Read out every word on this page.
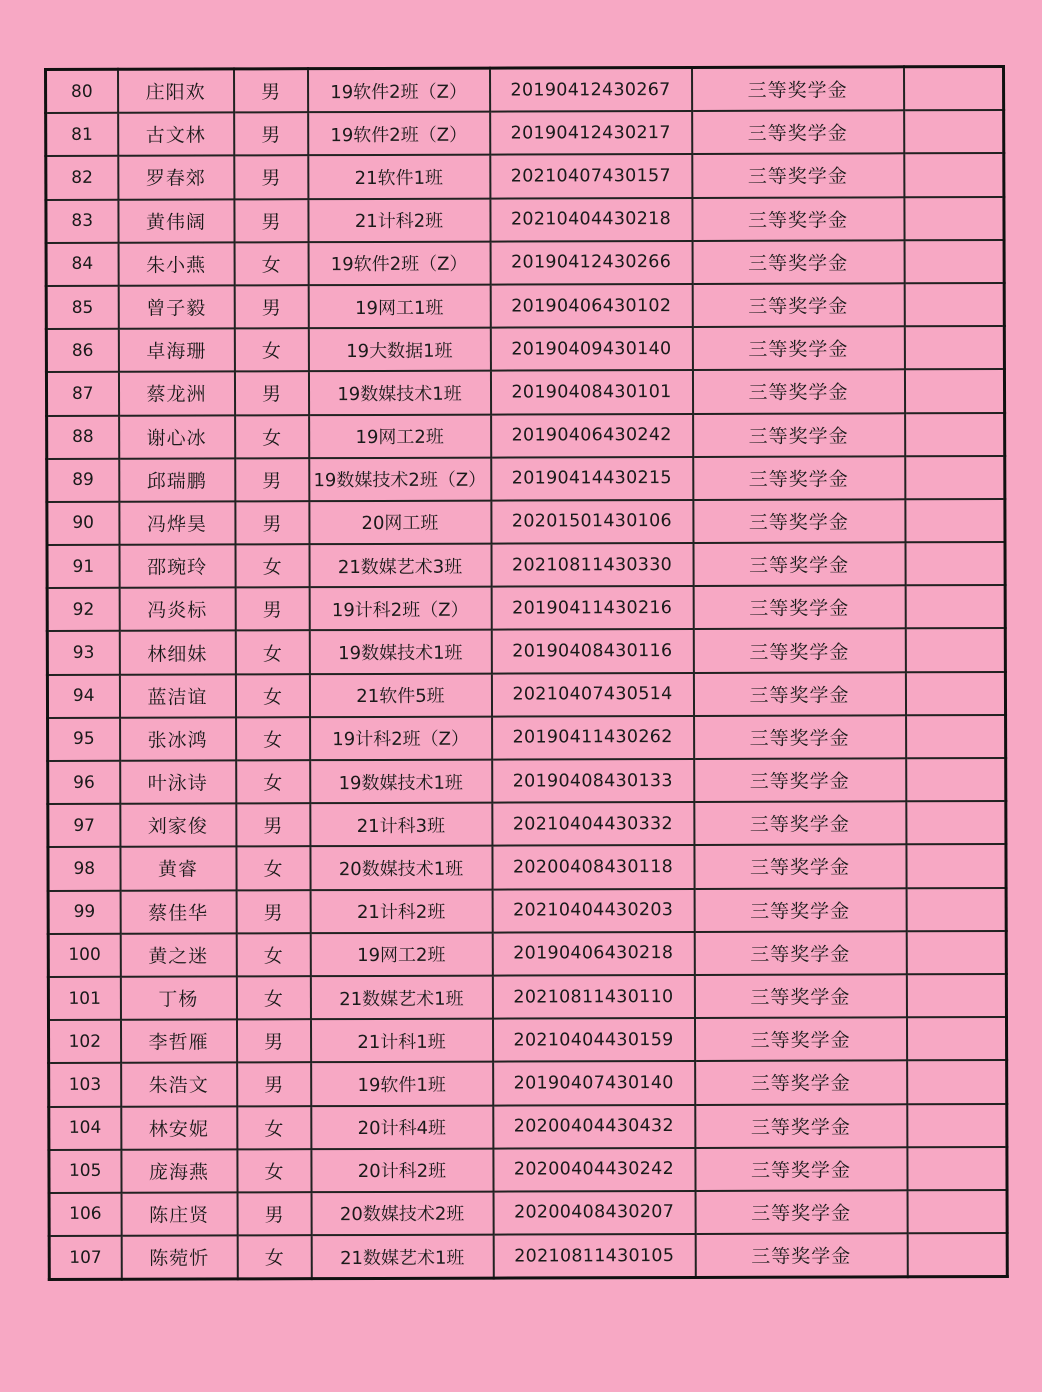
80	庄阳欢	男	19软件2班（Z）	20190412430267	三等奖学金	
81	古文林	男	19软件2班（Z）	20190412430217	三等奖学金	
82	罗春郊	男	21软件1班	20210407430157	三等奖学金	
83	黄伟阔	男	21计科2班	20210404430218	三等奖学金	
84	朱小燕	女	19软件2班（Z）	20190412430266	三等奖学金	
85	曾子毅	男	19网工1班	20190406430102	三等奖学金	
86	卓海珊	女	19大数据1班	20190409430140	三等奖学金	
87	蔡龙洲	男	19数媒技术1班	20190408430101	三等奖学金	
88	谢心冰	女	19网工2班	20190406430242	三等奖学金	
89	邱瑞鹏	男	19数媒技术2班（Z）	20190414430215	三等奖学金	
90	冯烨昊	男	20网工班	20201501430106	三等奖学金	
91	邵琬玲	女	21数媒艺术3班	20210811430330	三等奖学金	
92	冯炎标	男	19计科2班（Z）	20190411430216	三等奖学金	
93	林细妹	女	19数媒技术1班	20190408430116	三等奖学金	
94	蓝洁谊	女	21软件5班	20210407430514	三等奖学金	
95	张冰鸿	女	19计科2班（Z）	20190411430262	三等奖学金	
96	叶泳诗	女	19数媒技术1班	20190408430133	三等奖学金	
97	刘家俊	男	21计科3班	20210404430332	三等奖学金	
98	黄睿	女	20数媒技术1班	20200408430118	三等奖学金	
99	蔡佳华	男	21计科2班	20210404430203	三等奖学金	
100	黄之迷	女	19网工2班	20190406430218	三等奖学金	
101	丁杨	女	21数媒艺术1班	20210811430110	三等奖学金	
102	李哲雁	男	21计科1班	20210404430159	三等奖学金	
103	朱浩文	男	19软件1班	20190407430140	三等奖学金	
104	林安妮	女	20计科4班	20200404430432	三等奖学金	
105	庞海燕	女	20计科2班	20200404430242	三等奖学金	
106	陈庄贤	男	20数媒技术2班	20200408430207	三等奖学金	
107	陈菀忻	女	21数媒艺术1班	20210811430105	三等奖学金	
